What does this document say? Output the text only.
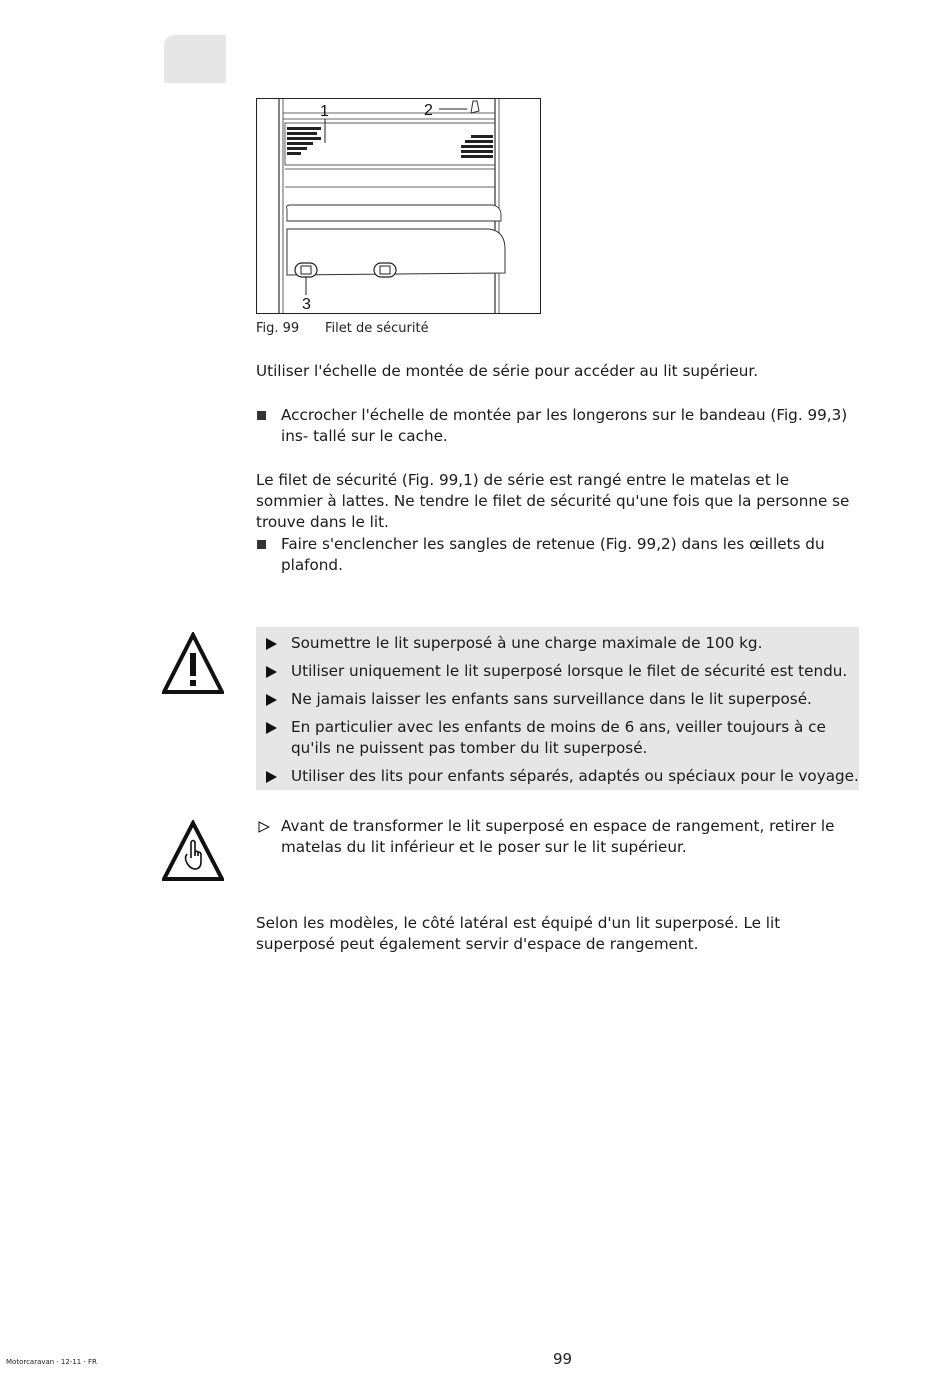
1	2
3
Fig. 99 Filet de sécurité

Utiliser l'échelle de montée de série pour accéder au lit supérieur.

Accrocher l'échelle de montée par les longerons sur le bandeau (Fig. 99,3) ins- tallé sur le cache.

Le filet de sécurité (Fig. 99,1) de série est rangé entre le matelas et le sommier à lattes. Ne tendre le filet de sécurité qu'une fois que la personne se trouve dans le lit.

Faire s'enclencher les sangles de retenue (Fig. 99,2) dans les œillets du plafond.
Soumettre le lit superposé à une charge maximale de 100 kg.
Utiliser uniquement le lit superposé lorsque le filet de sécurité est tendu.
Ne jamais laisser les enfants sans surveillance dans le lit superposé.
En particulier avec les enfants de moins de 6 ans, veiller toujours à ce qu'ils ne puissent pas tomber du lit superposé.
Utiliser des lits pour enfants séparés, adaptés ou spéciaux pour le voyage.
Avant de transformer le lit superposé en espace de rangement, retirer le matelas du lit inférieur et le poser sur le lit supérieur.

Selon les modèles, le côté latéral est équipé d'un lit superposé. Le lit superposé peut également servir d'espace de rangement.

Motorcaravan · 12-11 · FR	99
